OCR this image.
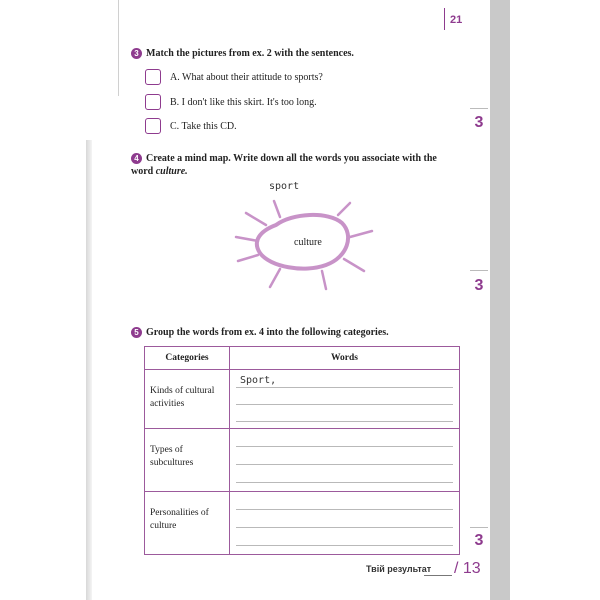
21
3 Match the pictures from ex. 2 with the sentences.
A. What about their attitude to sports?
B. I don't like this skirt. It's too long.
C. Take this CD.	3
4 Create a mind map. Write down all the words you associate with the word culture.
sport
culture
3
5 Group the words from ex. 4 into the following categories.
Categories	Words

Kinds of cultural activities	Sport,

Types of subcultures	

Personalities of culture	

3
Твій результат / 13
